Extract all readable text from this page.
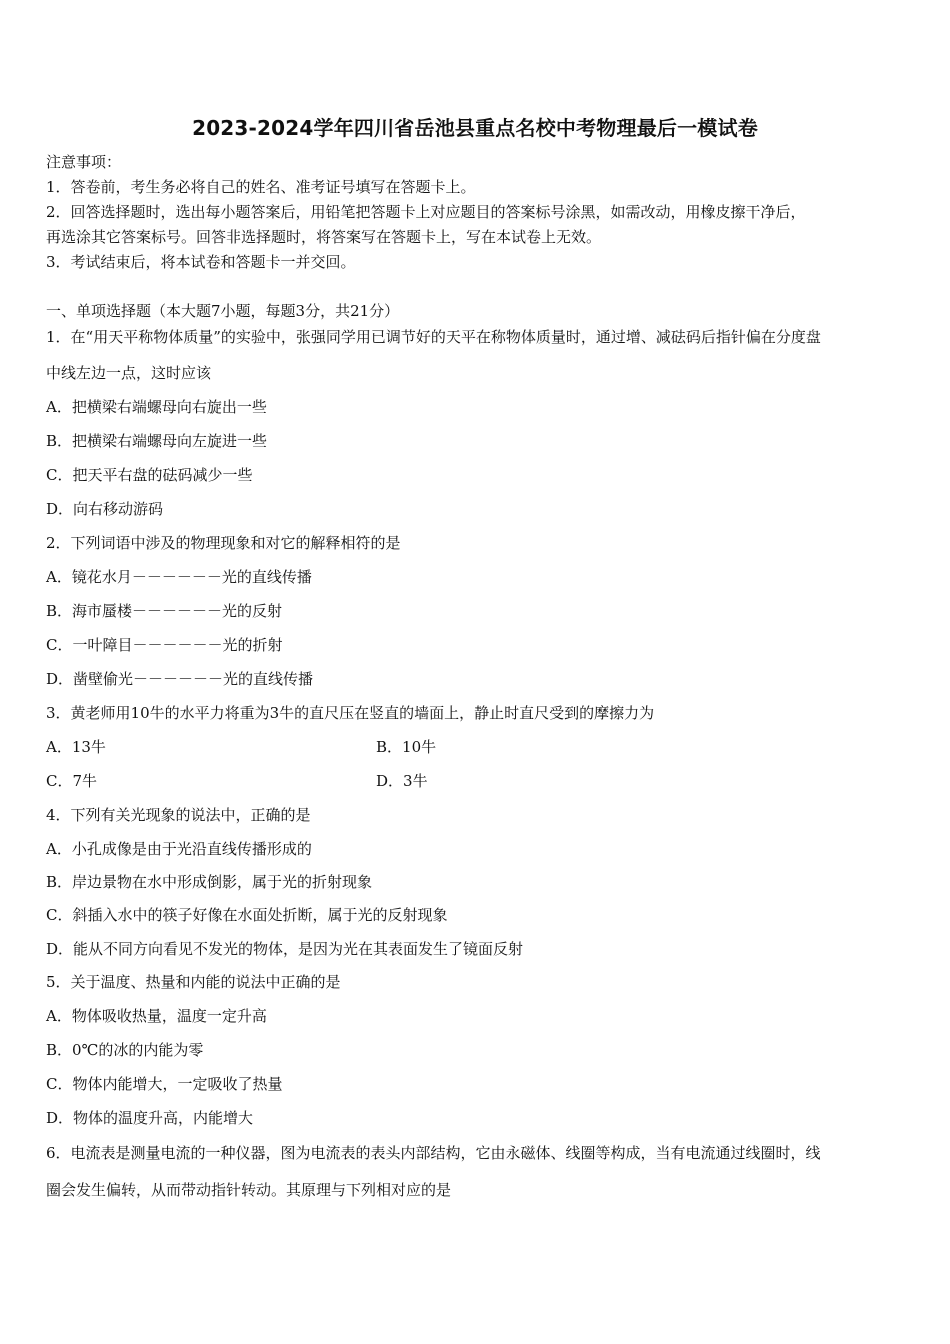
2023-2024学年四川省岳池县重点名校中考物理最后一模试卷
注意事项：
1．答卷前，考生务必将自己的姓名、准考证号填写在答题卡上。
2．回答选择题时，选出每小题答案后，用铅笔把答题卡上对应题目的答案标号涂黑，如需改动，用橡皮擦干净后，
再选涂其它答案标号。回答非选择题时，将答案写在答题卡上，写在本试卷上无效。
3．考试结束后，将本试卷和答题卡一并交回。
一、单项选择题（本大题7小题，每题3分，共21分）
1．在“用天平称物体质量”的实验中，张强同学用已调节好的天平在称物体质量时，通过增、减砝码后指针偏在分度盘
中线左边一点，这时应该
A．把横梁右端螺母向右旋出一些
B．把横梁右端螺母向左旋进一些
C．把天平右盘的砝码减少一些
D．向右移动游码
2．下列词语中涉及的物理现象和对它的解释相符的是
A．镜花水月－－－－－－光的直线传播
B．海市蜃楼－－－－－－光的反射
C．一叶障目－－－－－－光的折射
D．凿壁偷光－－－－－－光的直线传播
3．黄老师用10牛的水平力将重为3牛的直尺压在竖直的墙面上，静止时直尺受到的摩擦力为
A．13牛	B．10牛
C．7牛	D．3牛
4．下列有关光现象的说法中，正确的是
A．小孔成像是由于光沿直线传播形成的
B．岸边景物在水中形成倒影，属于光的折射现象
C．斜插入水中的筷子好像在水面处折断，属于光的反射现象
D．能从不同方向看见不发光的物体，是因为光在其表面发生了镜面反射
5．关于温度、热量和内能的说法中正确的是
A．物体吸收热量，温度一定升高
B．0℃的冰的内能为零
C．物体内能增大，一定吸收了热量
D．物体的温度升高，内能增大
6．电流表是测量电流的一种仪器，图为电流表的表头内部结构，它由永磁体、线圈等构成，当有电流通过线圈时，线
圈会发生偏转，从而带动指针转动。其原理与下列相对应的是
